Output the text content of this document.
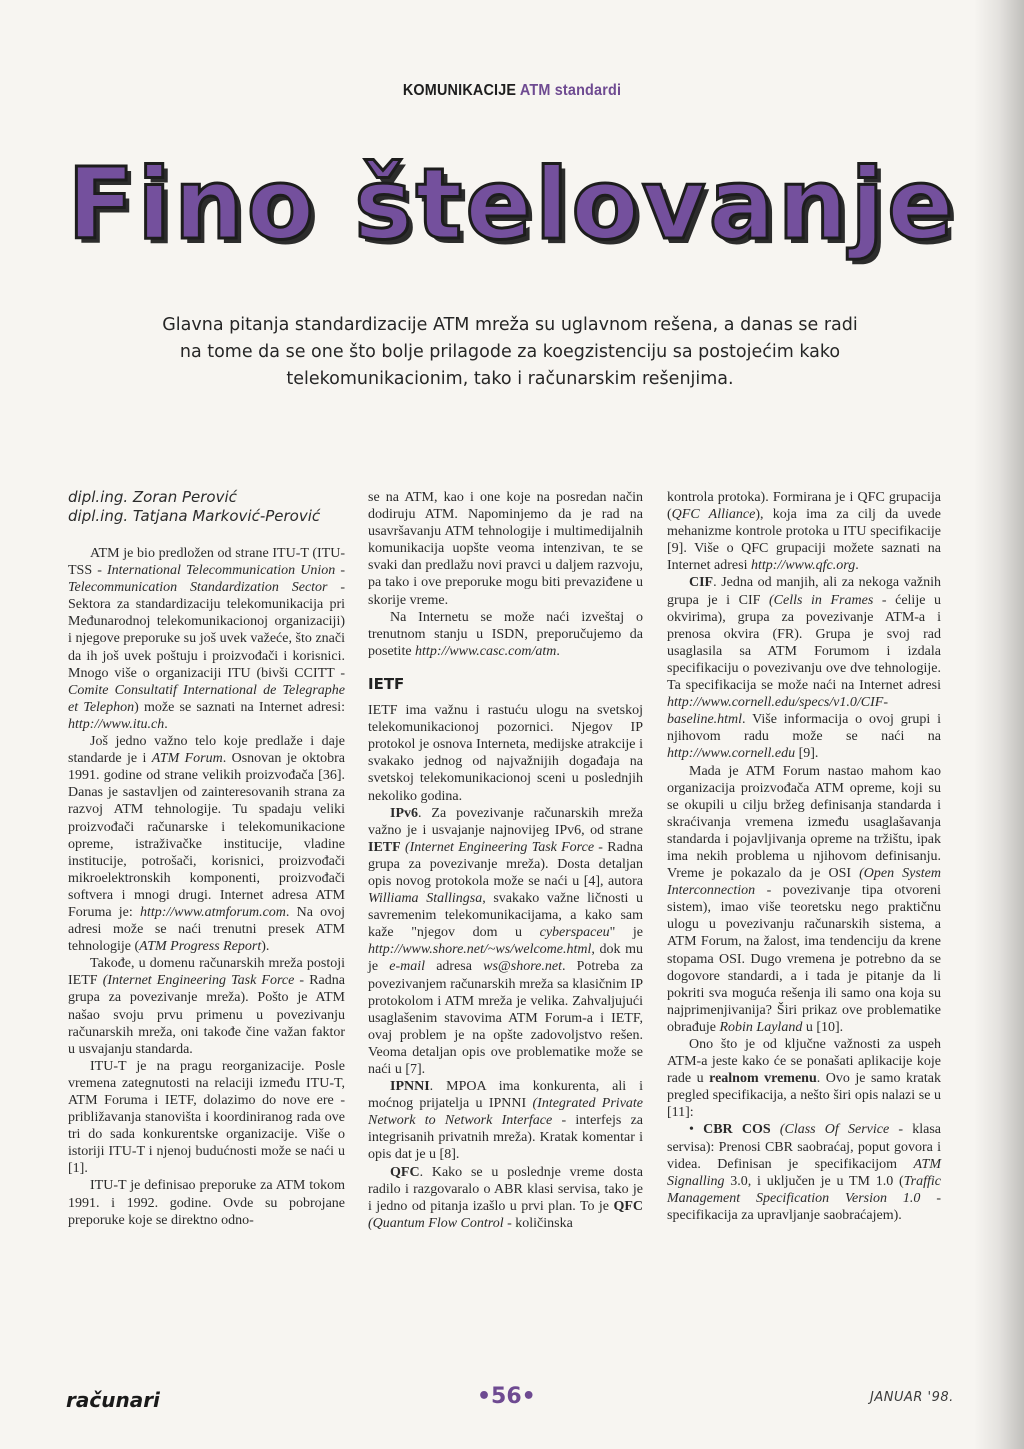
KOMUNIKACIJE ATM standardi
Fino štelovanje
Glavna pitanja standardizacije ATM mreža su uglavnom rešena, a danas se radi na tome da se one što bolje prilagode za koegzistenciju sa postojećim kako telekomunikacionim, tako i računarskim rešenjima.
dipl.ing. Zoran Perović
dipl.ing. Tatjana Marković-Perović

ATM je bio predložen od strane ITU-T (ITU-TSS - International Telecommunication Union - Telecommunication Standardization Sector - Sektora za standardizaciju telekomunikacija pri Međunarodnoj telekomunikacionoj organizaciji) i njegove preporuke su još uvek važeće, što znači da ih još uvek poštuju i proizvođači i korisnici. Mnogo više o organizaciji ITU (bivši CCITT - Comite Consultatif International de Telegraphe et Telephon) može se saznati na Internet adresi: http://www.itu.ch.

Još jedno važno telo koje predlaže i daje standarde je i ATM Forum. Osnovan je oktobra 1991. godine od strane velikih proizvođača [36]. Danas je sastavljen od zainteresovanih strana za razvoj ATM tehnologije. Tu spadaju veliki proizvođači računarske i telekomunikacione opreme, istraživačke institucije, vladine institucije, potrošači, korisnici, proizvođači mikroelektronskih komponenti, proizvođači softvera i mnogi drugi. Internet adresa ATM Foruma je: http://www.atmforum.com. Na ovoj adresi može se naći trenutni presek ATM tehnologije (ATM Progress Report).

Takođe, u domenu računarskih mreža postoji IETF (Internet Engineering Task Force - Radna grupa za povezivanje mreža). Pošto je ATM našao svoju prvu primenu u povezivanju računarskih mreža, oni takođe čine važan faktor u usvajanju standarda.

ITU-T je na pragu reorganizacije. Posle vremena zategnutosti na relaciji između ITU-T, ATM Foruma i IETF, dolazimo do nove ere - približavanja stanovišta i koordiniranog rada ove tri do sada konkurentske organizacije. Više o istoriji ITU-T i njenoj budućnosti može se naći u [1].

ITU-T je definisao preporuke za ATM tokom 1991. i 1992. godine. Ovde su pobrojane preporuke koje se direktno odno-

se na ATM, kao i one koje na posredan način dodiruju ATM. Napominjemo da je rad na usavršavanju ATM tehnologije i multimedijalnih komunikacija uopšte veoma intenzivan, te se svaki dan predlažu novi pravci u daljem razvoju, pa tako i ove preporuke mogu biti prevaziđene u skorije vreme.

Na Internetu se može naći izveštaj o trenutnom stanju u ISDN, preporučujemo da posetite http://www.casc.com/atm.

IETF

IETF ima važnu i rastuću ulogu na svetskoj telekomunikacionoj pozornici. Njegov IP protokol je osnova Interneta, medijske atrakcije i svakako jednog od najvažnijih događaja na svetskoj telekomunikacionoj sceni u poslednjih nekoliko godina.

IPv6. Za povezivanje računarskih mreža važno je i usvajanje najnovijeg IPv6, od strane IETF (Internet Engineering Task Force - Radna grupa za povezivanje mreža). Dosta detaljan opis novog protokola može se naći u [4], autora Williama Stallingsa, svakako važne ličnosti u savremenim telekomunikacijama, a kako sam kaže "njegov dom u cyberspaceu" je http://www.shore.net/~ws/welcome.html, dok mu je e-mail adresa ws@shore.net. Potreba za povezivanjem računarskih mreža sa klasičnim IP protokolom i ATM mreža je velika. Zahvaljujući usaglašenim stavovima ATM Forum-a i IETF, ovaj problem je na opšte zadovoljstvo rešen. Veoma detaljan opis ove problematike može se naći u [7].

IPNNI. MPOA ima konkurenta, ali i moćnog prijatelja u IPNNI (Integrated Private Network to Network Interface - interfejs za integrisanih privatnih mreža). Kratak komentar i opis dat je u [8].

QFC. Kako se u poslednje vreme dosta radilo i razgovaralo o ABR klasi servisa, tako je i jedno od pitanja izašlo u prvi plan. To je QFC (Quantum Flow Control - količinska

kontrola protoka). Formirana je i QFC grupacija (QFC Alliance), koja ima za cilj da uvede mehanizme kontrole protoka u ITU specifikacije [9]. Više o QFC grupaciji možete saznati na Internet adresi http://www.qfc.org.

CIF. Jedna od manjih, ali za nekoga važnih grupa je i CIF (Cells in Frames - ćelije u okvirima), grupa za povezivanje ATM-a i prenosa okvira (FR). Grupa je svoj rad usaglasila sa ATM Forumom i izdala specifikaciju o povezivanju ove dve tehnologije. Ta specifikacija se može naći na Internet adresi http://www.cornell.edu/specs/v1.0/CIF-baseline.html. Više informacija o ovoj grupi i njihovom radu može se naći na http://www.cornell.edu [9].

Mada je ATM Forum nastao mahom kao organizacija proizvođača ATM opreme, koji su se okupili u cilju bržeg definisanja standarda i skraćivanja vremena između usaglašavanja standarda i pojavljivanja opreme na tržištu, ipak ima nekih problema u njihovom definisanju. Vreme je pokazalo da je OSI (Open System Interconnection - povezivanje tipa otvoreni sistem), imao više teoretsku nego praktičnu ulogu u povezivanju računarskih sistema, a ATM Forum, na žalost, ima tendenciju da krene stopama OSI. Dugo vremena je potrebno da se dogovore standardi, a i tada je pitanje da li pokriti sva moguća rešenja ili samo ona koja su najprimenjivanija? Širi prikaz ove problematike obrađuje Robin Layland u [10].

Ono što je od ključne važnosti za uspeh ATM-a jeste kako će se ponašati aplikacije koje rade u realnom vremenu. Ovo je samo kratak pregled specifikacija, a nešto širi opis nalazi se u [11]:

• CBR COS (Class Of Service - klasa servisa): Prenosi CBR saobraćaj, poput govora i videa. Definisan je specifikacijom ATM Signalling 3.0, i uključen je u TM 1.0 (Traffic Management Specification Version 1.0 - specifikacija za upravljanje saobraćajem).

računari	•56•	JANUAR '98.
